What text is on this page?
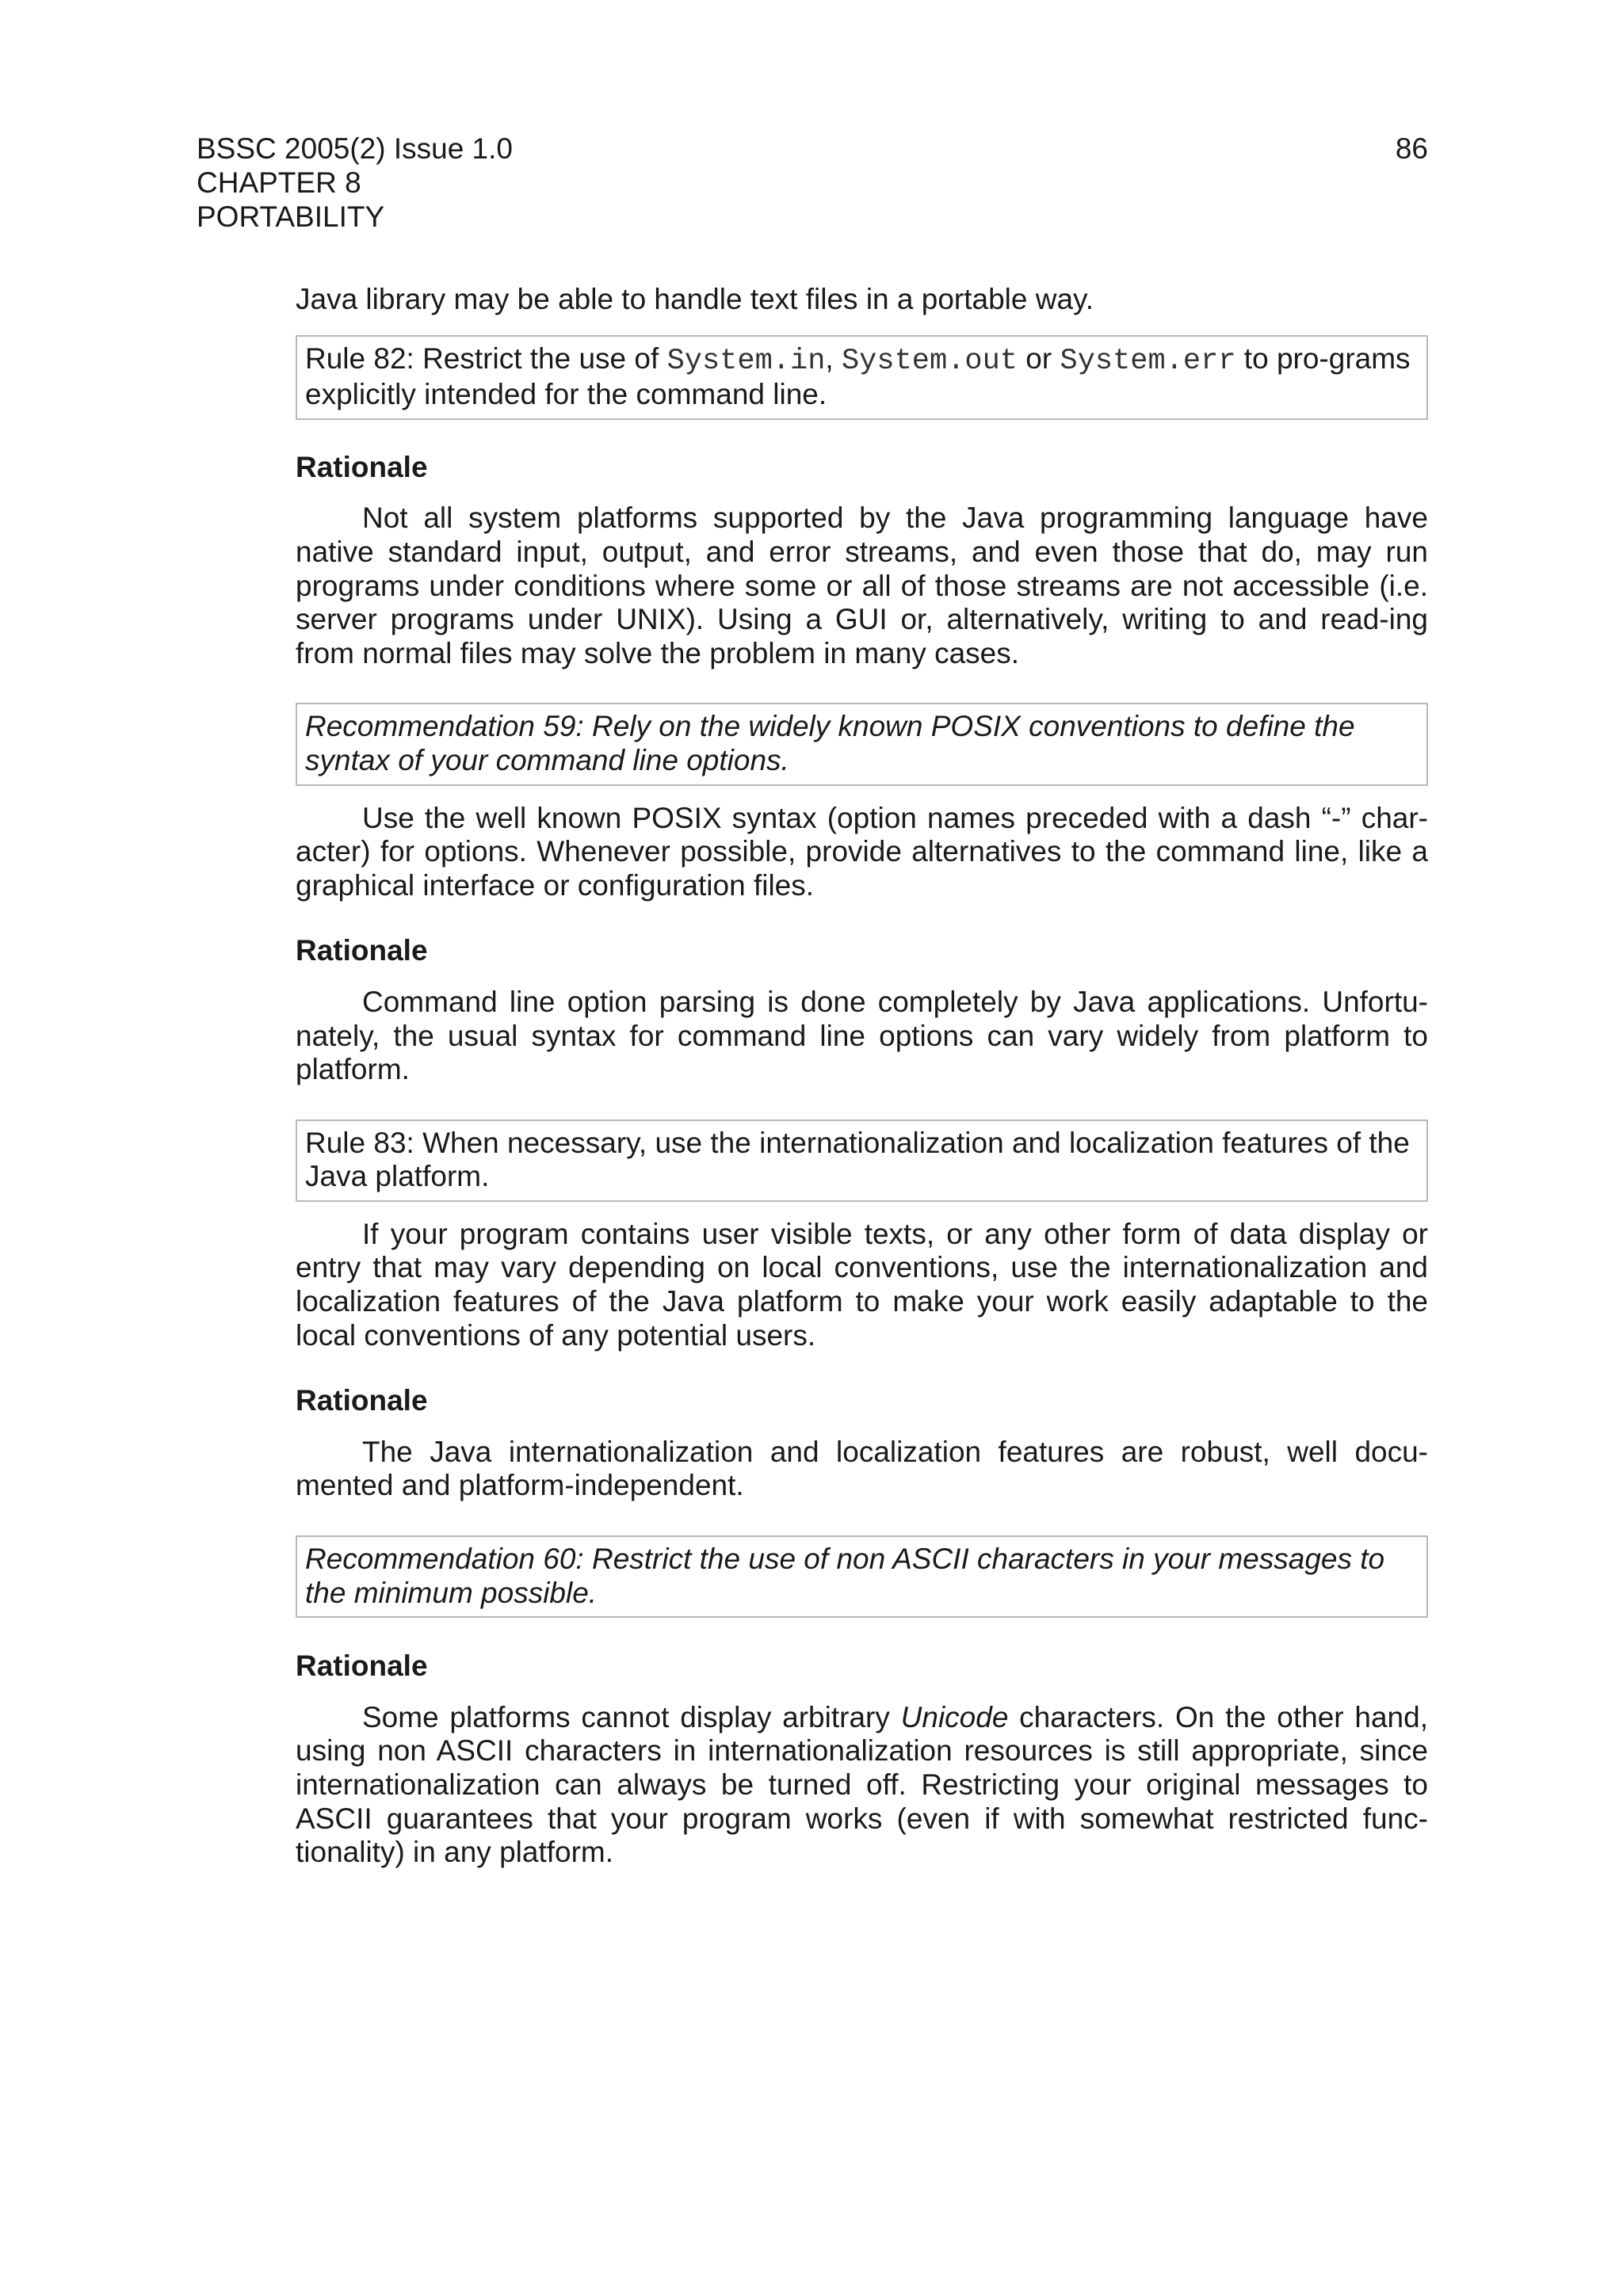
BSSC 2005(2) Issue 1.0
CHAPTER 8
PORTABILITY
86

Java library may be able to handle text files in a portable way.

Rule 82: Restrict the use of System.in, System.out or System.err to pro-grams explicitly intended for the command line.

Rationale

Not all system platforms supported by the Java programming language have native standard input, output, and error streams, and even those that do, may run programs under conditions where some or all of those streams are not accessible (i.e. server programs under UNIX). Using a GUI or, alternatively, writing to and read-ing from normal files may solve the problem in many cases.

Recommendation 59: Rely on the widely known POSIX conventions to define the syntax of your command line options.

Use the well known POSIX syntax (option names preceded with a dash “-” char-acter) for options. Whenever possible, provide alternatives to the command line, like a graphical interface or configuration files.

Rationale

Command line option parsing is done completely by Java applications. Unfortu-nately, the usual syntax for command line options can vary widely from platform to platform.

Rule 83: When necessary, use the internationalization and localization features of the Java platform.

If your program contains user visible texts, or any other form of data display or entry that may vary depending on local conventions, use the internationalization and localization features of the Java platform to make your work easily adaptable to the local conventions of any potential users.

Rationale

The Java internationalization and localization features are robust, well docu-mented and platform-independent.

Recommendation 60: Restrict the use of non ASCII characters in your messages to the minimum possible.

Rationale

Some platforms cannot display arbitrary Unicode characters. On the other hand, using non ASCII characters in internationalization resources is still appropriate, since internationalization can always be turned off. Restricting your original messages to ASCII guarantees that your program works (even if with somewhat restricted func-tionality) in any platform.
